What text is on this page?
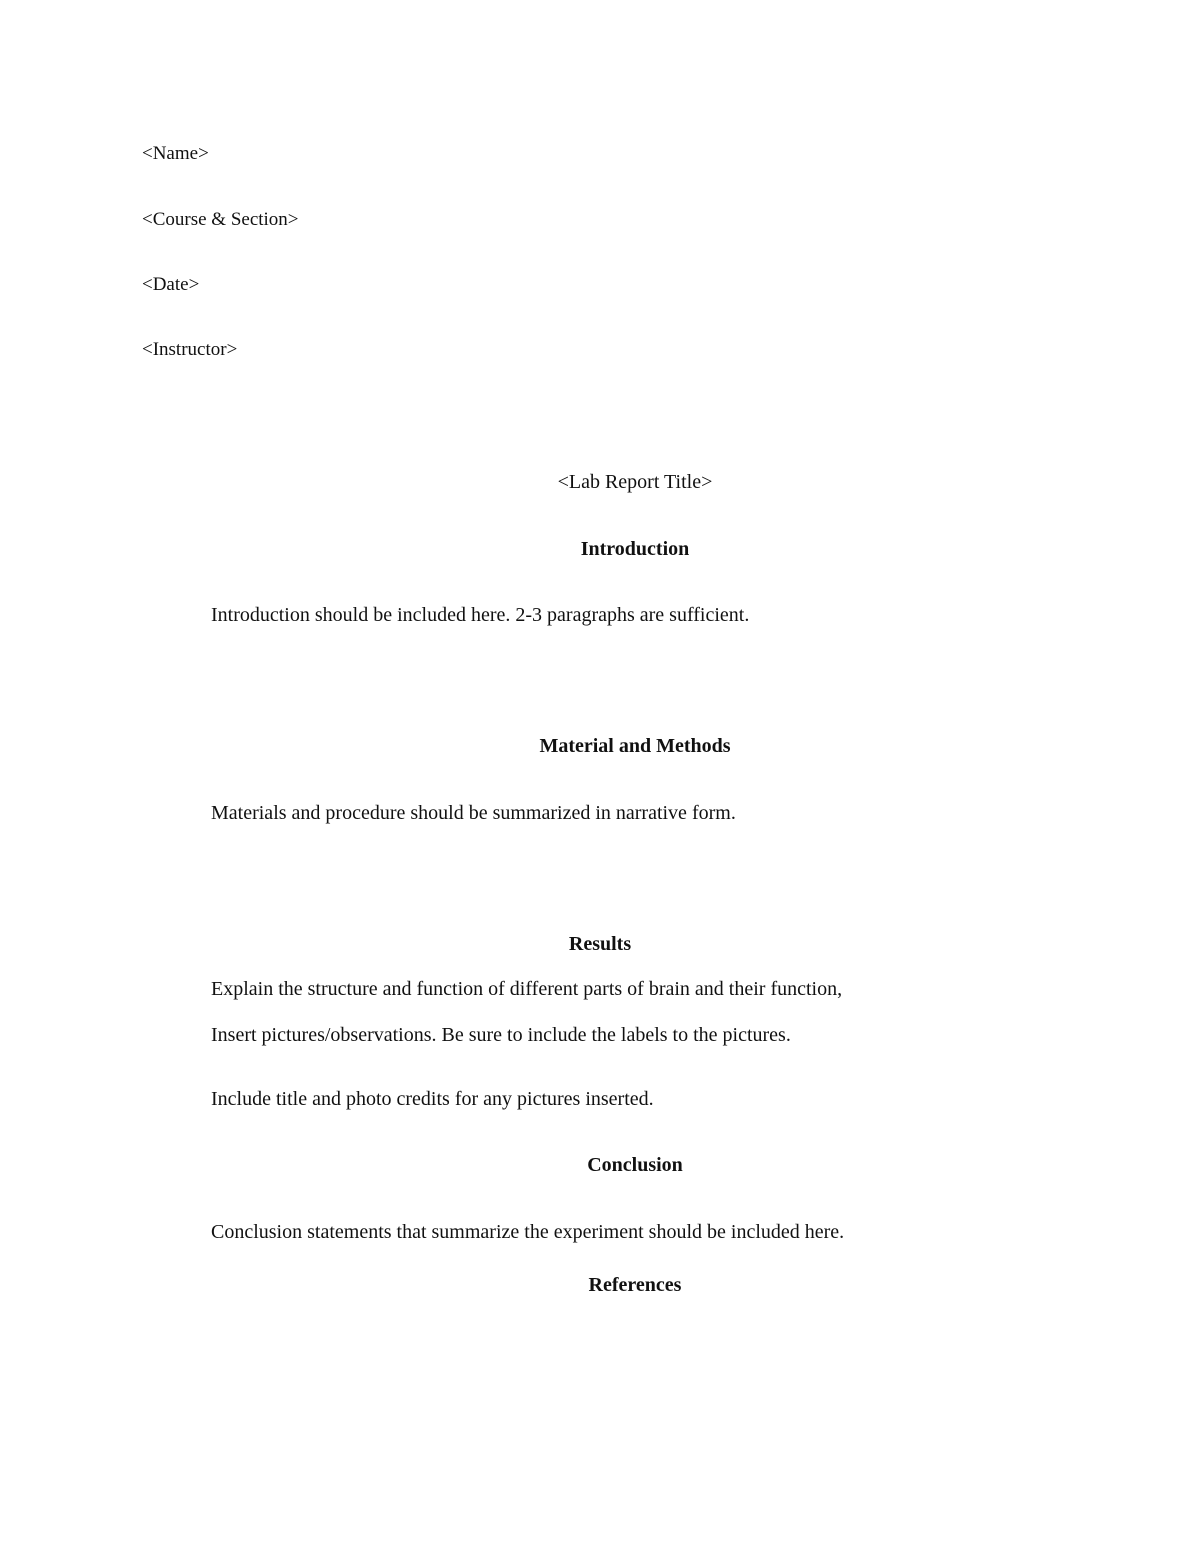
<Name>
<Course & Section>
<Date>
<Instructor>
<Lab Report Title>
Introduction
Introduction should be included here. 2-3 paragraphs are sufficient.
Material and Methods
Materials and procedure should be summarized in narrative form.
Results
Explain the structure and function of different parts of brain and their function,
Insert pictures/observations. Be sure to include the labels to the pictures.
Include title and photo credits for any pictures inserted.
Conclusion
Conclusion statements that summarize the experiment should be included here.
References
